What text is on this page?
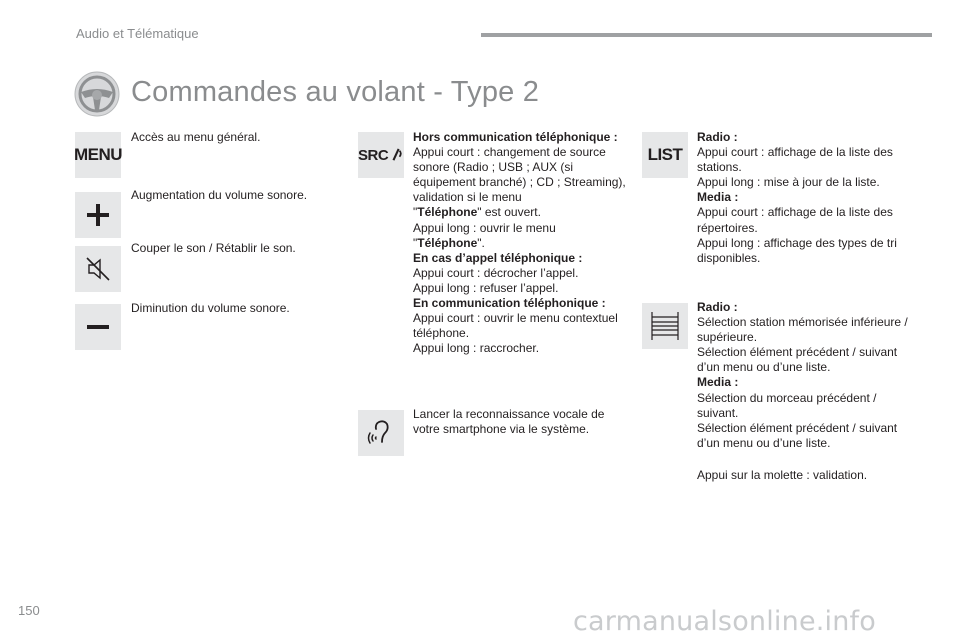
Audio et Télématique
Commandes au volant - Type 2
MENU
Accès au menu général.
Augmentation du volume sonore.
Couper le son / Rétablir le son.
Diminution du volume sonore.
SRC

Hors communication téléphonique :

Appui court : changement de source sonore (Radio ; USB ; AUX (si équipement branché) ; CD ; Streaming), validation si le menu

"Téléphone" est ouvert.

Appui long : ouvrir le menu

"Téléphone".

En cas d’appel téléphonique :

Appui court : décrocher l’appel.

Appui long : refuser l’appel.

En communication téléphonique :

Appui court : ouvrir le menu contextuel téléphone.

Appui long : raccrocher.

Lancer la reconnaissance vocale de votre smartphone via le système.
LIST

Radio :

Appui court : affichage de la liste des stations.

Appui long : mise à jour de la liste.

Media :

Appui court : affichage de la liste des répertoires.

Appui long : affichage des types de tri disponibles.

Radio :

Sélection station mémorisée inférieure / supérieure.

Sélection élément précédent / suivant d’un menu ou d’une liste.

Media :

Sélection du morceau précédent / suivant.

Sélection élément précédent / suivant d’un menu ou d’une liste.

Appui sur la molette : validation.
150	carmanualsonline.info
